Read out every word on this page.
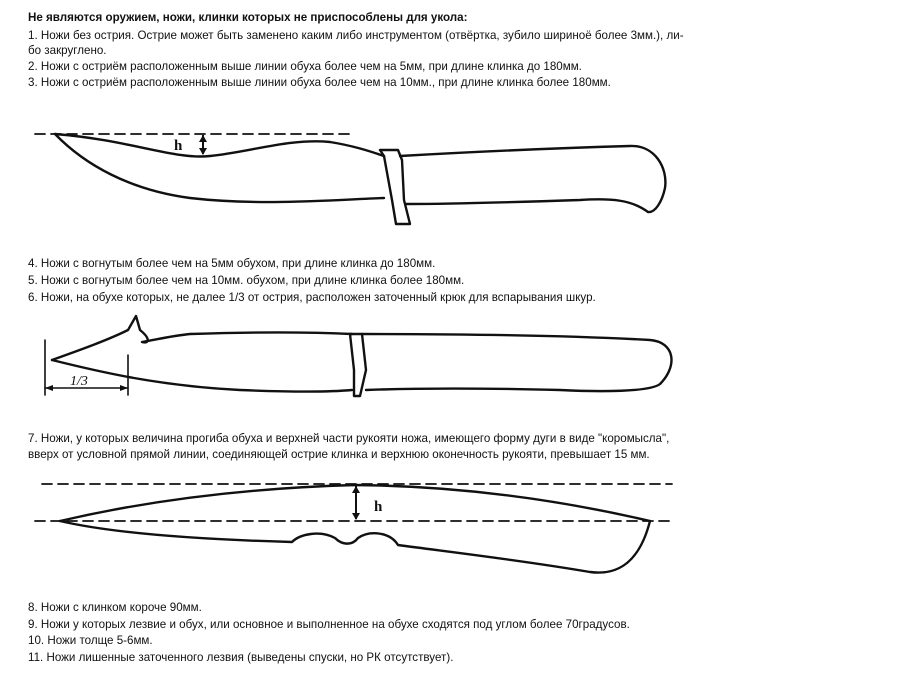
Не являются оружием, ножи, клинки которых не приспособлены для укола:
1. Ножи без острия. Острие может быть заменено каким либо инструментом (отвёртка, зубило шириноё более 3мм.), ли-
бо закруглено.
2. Ножи с остриём расположенным выше линии обуха более чем на 5мм, при длине клинка до 180мм.
3. Ножи с остриём расположенным выше линии обуха более чем на 10мм., при длине клинка более 180мм.
h
4. Ножи с вогнутым более чем на 5мм обухом, при длине клинка до 180мм.
5. Ножи с вогнутым более чем на 10мм. обухом, при длине клинка более 180мм.
6. Ножи, на обухе которых, не далее 1/3 от острия, расположен заточенный крюк для вспарывания шкур.
1/3
7. Ножи, у которых величина прогиба обуха и верхней части рукояти ножа, имеющего форму дуги в виде "коромысла",
вверх от условной прямой линии, соединяющей острие клинка и верхнюю оконечность рукояти, превышает 15 мм.
h
8. Ножи с клинком короче 90мм.
9. Ножи у которых лезвие и обух, или основное и выполненное на обухе сходятся под углом более 70градусов.
10. Ножи толще 5-6мм.
11. Ножи лишенные заточенного лезвия (выведены спуски, но РК отсутствует).
